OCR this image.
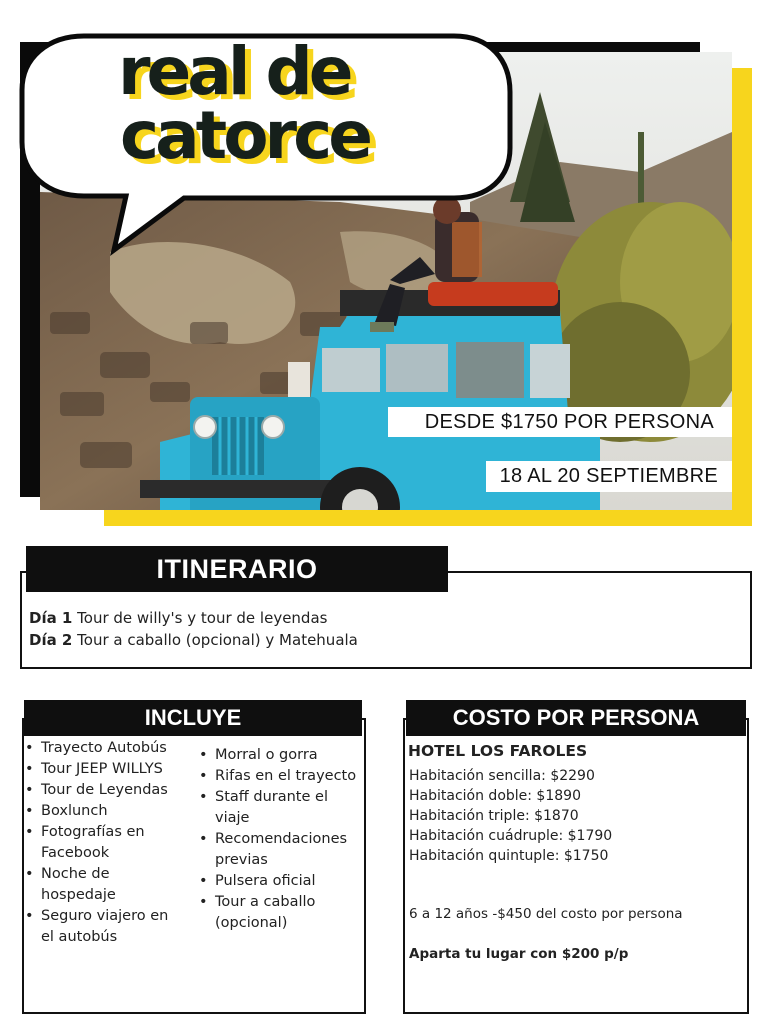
real de
catorce
DESDE $1750 POR PERSONA
18 AL 20 SEPTIEMBRE
ITINERARIO
Día 1 Tour de willy's y tour de leyendas
Día 2 Tour a caballo (opcional) y Matehuala
INCLUYE
• Trayecto Autobús
• Tour JEEP WILLYS
• Tour de Leyendas
• Boxlunch
• Fotografías en Facebook
• Noche de hospedaje
• Seguro viajero en el autobús
• Morral o gorra
• Rifas en el trayecto
• Staff durante el viaje
• Recomendaciones previas
• Pulsera oficial
• Tour a caballo (opcional)
COSTO POR PERSONA
HOTEL LOS FAROLES
Habitación sencilla: $2290
Habitación doble: $1890
Habitación triple: $1870
Habitación cuádruple: $1790
Habitación quintuple: $1750
6 a 12 años -$450 del costo por persona
Aparta tu lugar con $200 p/p
